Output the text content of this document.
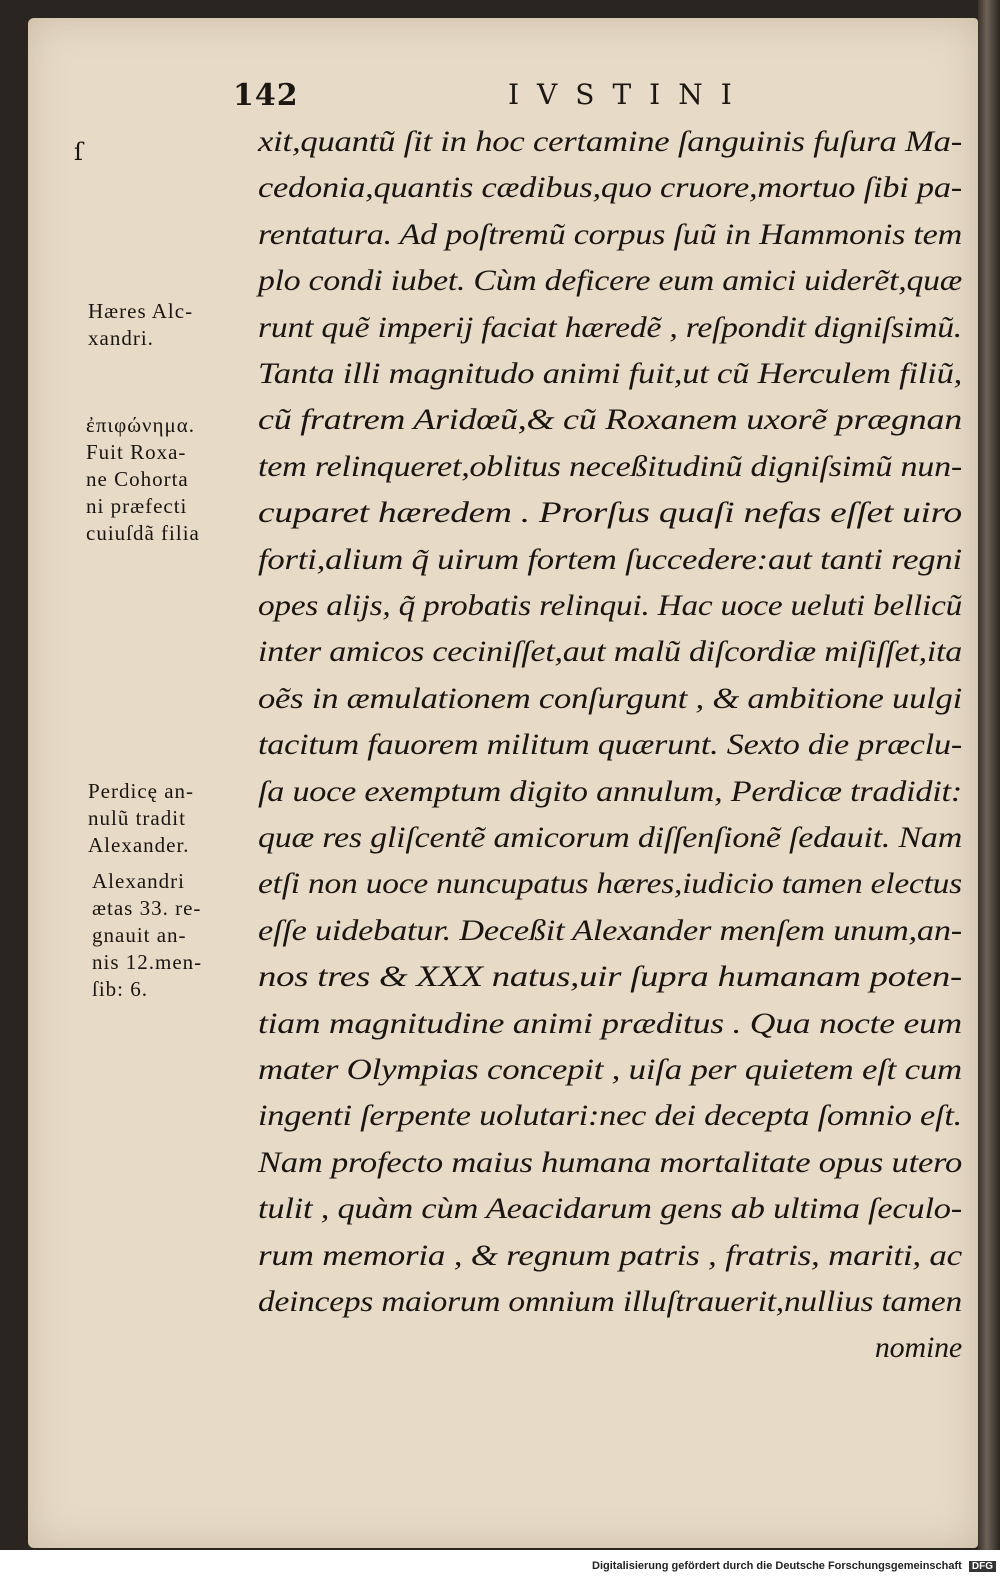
142	IVSTINI
ſ	xit,quantũ ſit in hoc certamine ſanguinis fuſura Ma-
cedonia,quantis cædibus,quo cruore,mortuo ſibi pa-
rentatura. Ad poſtremũ corpus ſuũ in Hammonis tem
plo condi iubet. Cùm deficere eum amici uiderẽt,quæ
runt quẽ imperij faciat hæredẽ , reſpondit digniſsimũ.
Tanta illi magnitudo animi fuit,ut cũ Herculem filiũ,
cũ fratrem Aridœũ,& cũ Roxanem uxorẽ prægnan
tem relinqueret,oblitus neceßitudinũ digniſsimũ nun-
cuparet hæredem . Prorſus quaſi nefas eſſet uiro
forti,alium q̃ uirum fortem ſuccedere:aut tanti regni
opes alijs, q̃ probatis relinqui. Hac uoce ueluti bellicũ
inter amicos ceciniſſet,aut malũ diſcordiæ miſiſſet,ita
oẽs in æmulationem conſurgunt , & ambitione uulgi
tacitum fauorem militum quærunt. Sexto die præclu-
ſa uoce exemptum digito annulum, Perdicæ tradidit:
quæ res gliſcentẽ amicorum diſſenſionẽ ſedauit. Nam
etſi non uoce nuncupatus hæres,iudicio tamen electus
eſſe uidebatur. Deceßit Alexander menſem unum,an-
nos tres & XXX natus,uir ſupra humanam poten-
tiam magnitudine animi præditus . Qua nocte eum
mater Olympias concepit , uiſa per quietem eſt cum
ingenti ſerpente uolutari:nec dei decepta ſomnio eſt.
Nam profecto maius humana mortalitate opus utero
tulit , quàm cùm Aeacidarum gens ab ultima ſeculo-
rum memoria , & regnum patris , fratris, mariti, ac
deinceps maiorum omnium illuſtrauerit,nullius tamen
nomine
Hæres Alc-
xandri.
ἐπιφώνημα.
Fuit Roxa-
ne Cohorta
ni præfecti
cuiuſdã filia
Perdicę an-
nulũ tradit
Alexander.
Alexandri
ætas 33. re-
gnauit an-
nis 12.men-
ſib: 6.
Digitalisierung gefördert durch die Deutsche Forschungsgemeinschaft DFG
